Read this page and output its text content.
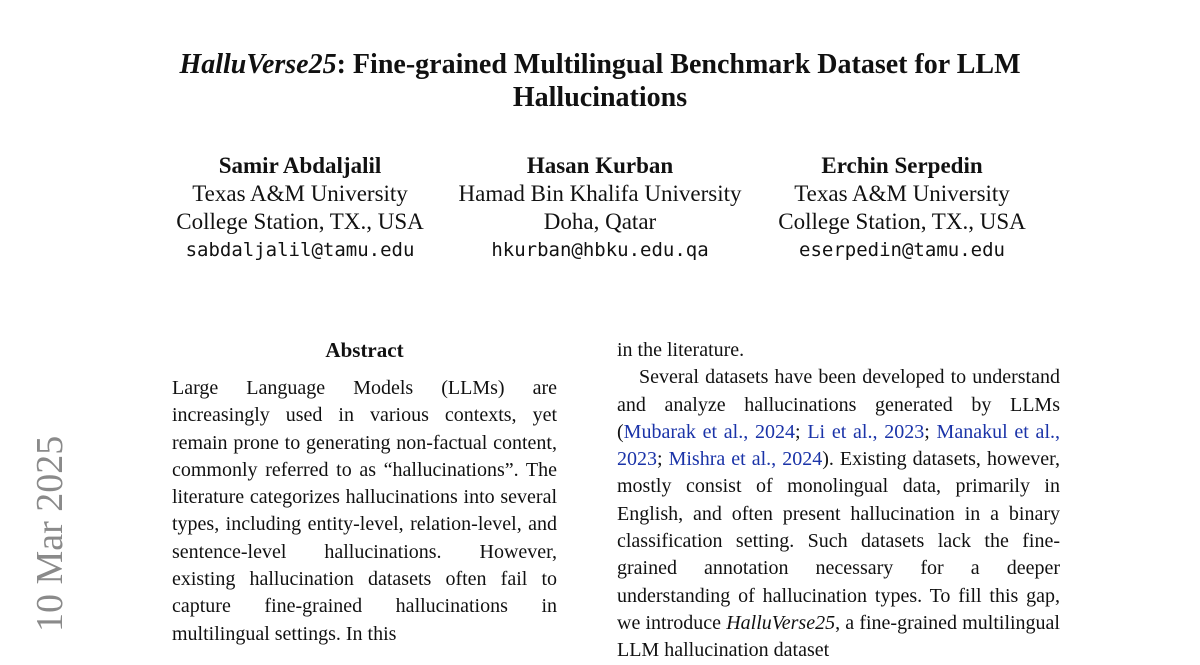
10 Mar 2025
HalluVerse25: Fine-grained Multilingual Benchmark Dataset for LLM Hallucinations
Samir Abdaljalil
Texas A&M University
College Station, TX., USA
sabdaljalil@tamu.edu
Hasan Kurban
Hamad Bin Khalifa University
Doha, Qatar
hkurban@hbku.edu.qa
Erchin Serpedin
Texas A&M University
College Station, TX., USA
eserpedin@tamu.edu
Abstract

Large Language Models (LLMs) are increasingly used in various contexts, yet remain prone to generating non-factual content, commonly referred to as “hallucinations”. The literature categorizes hallucinations into several types, including entity-level, relation-level, and sentence-level hallucinations. However, existing hallucination datasets often fail to capture fine-grained hallucinations in multilingual settings. In this

in the literature.

Several datasets have been developed to understand and analyze hallucinations generated by LLMs (Mubarak et al., 2024; Li et al., 2023; Manakul et al., 2023; Mishra et al., 2024). Existing datasets, however, mostly consist of monolingual data, primarily in English, and often present hallucination in a binary classification setting. Such datasets lack the fine-grained annotation necessary for a deeper understanding of hallucination types. To fill this gap, we introduce HalluVerse25, a fine-grained multilingual LLM hallucination dataset
